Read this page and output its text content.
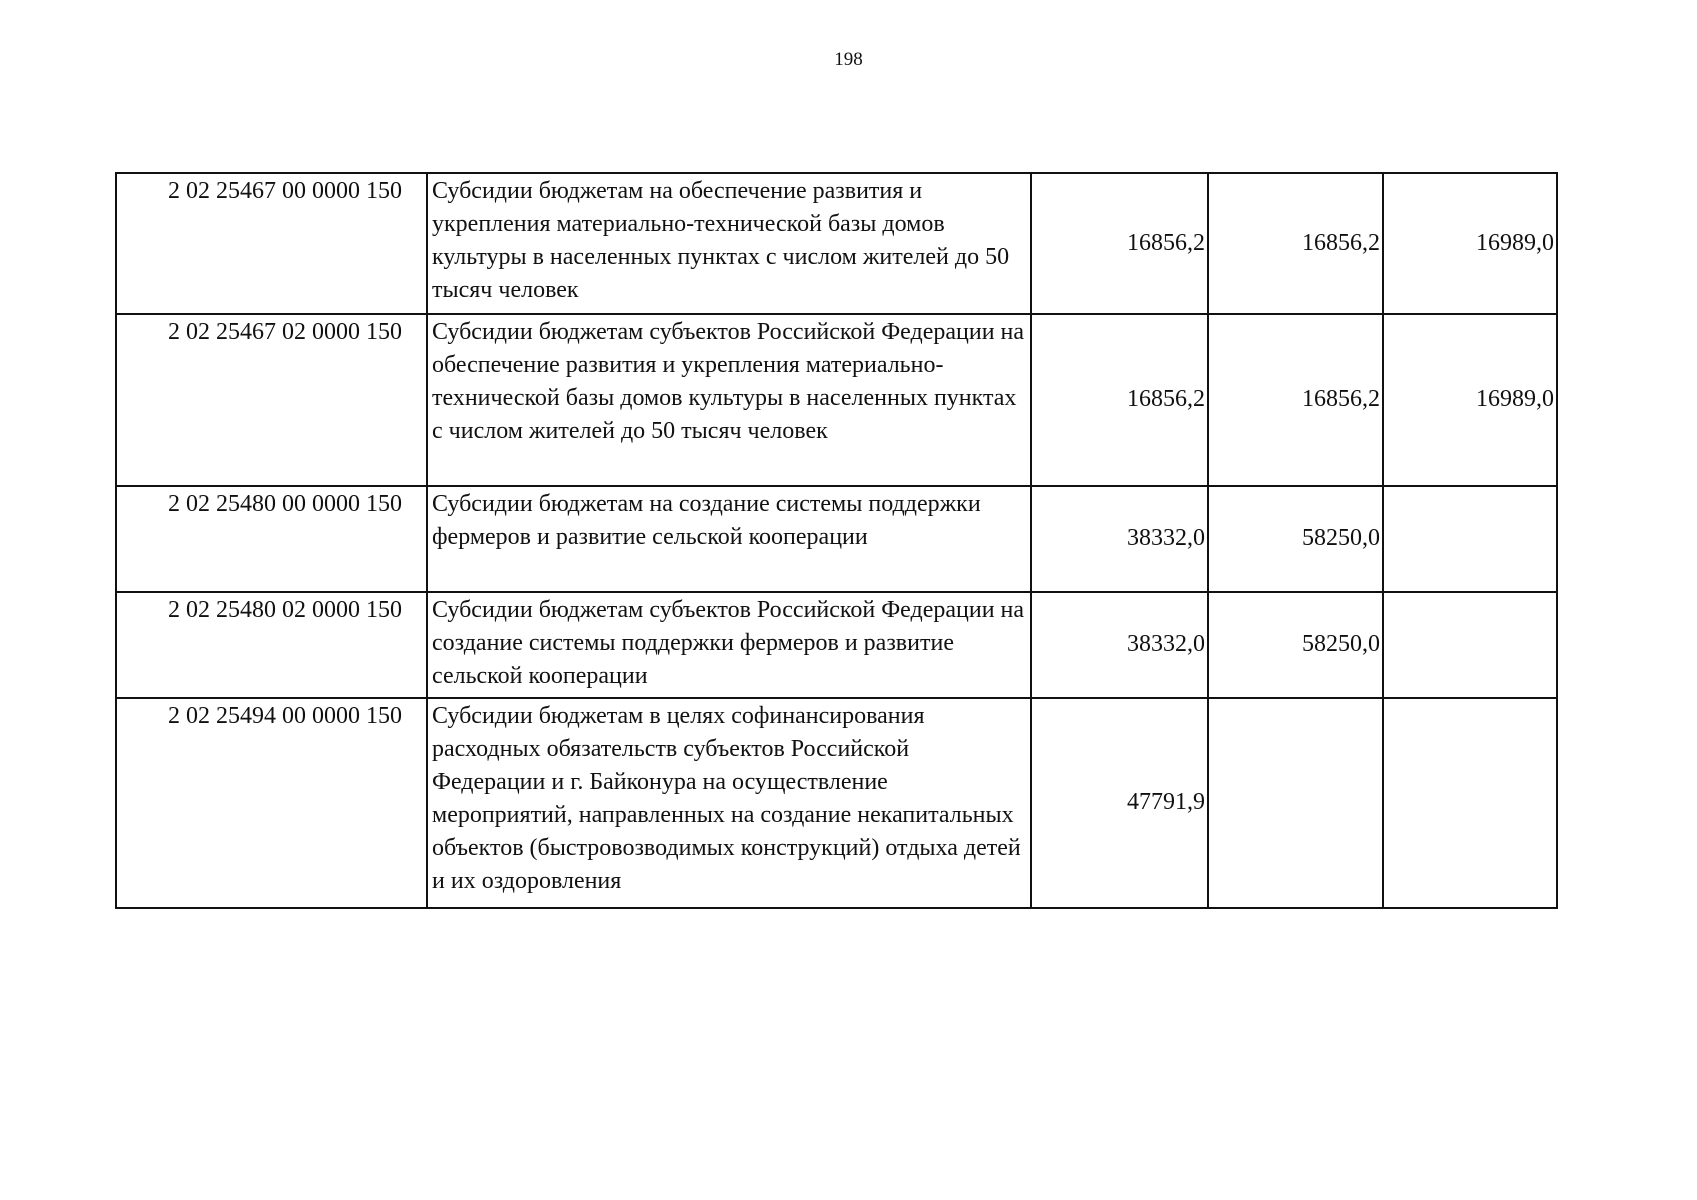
198
2 02 25467 00 0000 150	Субсидии бюджетам на обеспечение развития и укрепления материально-технической базы домов культуры в населенных пунктах с числом жителей до 50 тысяч человек	16856,2	16856,2	16989,0
2 02 25467 02 0000 150	Субсидии бюджетам субъектов Российской Федерации на обеспечение развития и укрепления материально-технической базы домов культуры в населенных пунктах с числом жителей до 50 тысяч человек	16856,2	16856,2	16989,0
2 02 25480 00 0000 150	Субсидии бюджетам на создание системы поддержки фермеров и развитие сельской кооперации	38332,0	58250,0	
2 02 25480 02 0000 150	Субсидии бюджетам субъектов Российской Федерации на создание системы поддержки фермеров и развитие сельской кооперации	38332,0	58250,0	
2 02 25494 00 0000 150	Субсидии бюджетам в целях софинансирования расходных обязательств субъектов Российской Федерации и г. Байконура на осуществление мероприятий, направленных на создание некапитальных объектов (быстровозводимых конструкций) отдыха детей и их оздоровления	47791,9		
